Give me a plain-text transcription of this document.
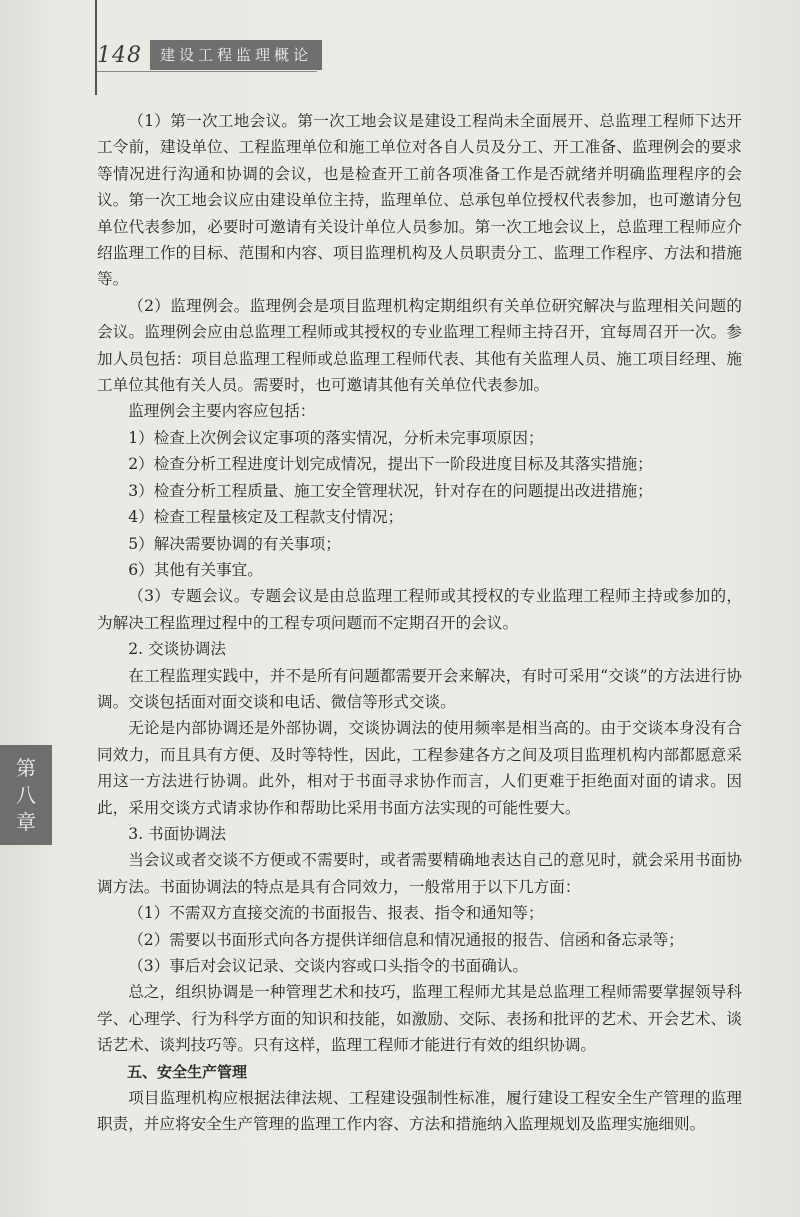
148	建设工程监理概论
第
八
章

（1）第一次工地会议。第一次工地会议是建设工程尚未全面展开、总监理工程师下达开工令前，建设单位、工程监理单位和施工单位对各自人员及分工、开工准备、监理例会的要求等情况进行沟通和协调的会议，也是检查开工前各项准备工作是否就绪并明确监理程序的会议。第一次工地会议应由建设单位主持，监理单位、总承包单位授权代表参加，也可邀请分包单位代表参加，必要时可邀请有关设计单位人员参加。第一次工地会议上，总监理工程师应介绍监理工作的目标、范围和内容、项目监理机构及人员职责分工、监理工作程序、方法和措施等。

（2）监理例会。监理例会是项目监理机构定期组织有关单位研究解决与监理相关问题的会议。监理例会应由总监理工程师或其授权的专业监理工程师主持召开，宜每周召开一次。参加人员包括：项目总监理工程师或总监理工程师代表、其他有关监理人员、施工项目经理、施工单位其他有关人员。需要时，也可邀请其他有关单位代表参加。

监理例会主要内容应包括：

1）检查上次例会议定事项的落实情况，分析未完事项原因；

2）检查分析工程进度计划完成情况，提出下一阶段进度目标及其落实措施；

3）检查分析工程质量、施工安全管理状况，针对存在的问题提出改进措施；

4）检查工程量核定及工程款支付情况；

5）解决需要协调的有关事项；

6）其他有关事宜。

（3）专题会议。专题会议是由总监理工程师或其授权的专业监理工程师主持或参加的，为解决工程监理过程中的工程专项问题而不定期召开的会议。

2. 交谈协调法

在工程监理实践中，并不是所有问题都需要开会来解决，有时可采用“交谈”的方法进行协调。交谈包括面对面交谈和电话、微信等形式交谈。

无论是内部协调还是外部协调，交谈协调法的使用频率是相当高的。由于交谈本身没有合同效力，而且具有方便、及时等特性，因此，工程参建各方之间及项目监理机构内部都愿意采用这一方法进行协调。此外，相对于书面寻求协作而言，人们更难于拒绝面对面的请求。因此，采用交谈方式请求协作和帮助比采用书面方法实现的可能性要大。

3. 书面协调法

当会议或者交谈不方便或不需要时，或者需要精确地表达自己的意见时，就会采用书面协调方法。书面协调法的特点是具有合同效力，一般常用于以下几方面：

（1）不需双方直接交流的书面报告、报表、指令和通知等；

（2）需要以书面形式向各方提供详细信息和情况通报的报告、信函和备忘录等；

（3）事后对会议记录、交谈内容或口头指令的书面确认。

总之，组织协调是一种管理艺术和技巧，监理工程师尤其是总监理工程师需要掌握领导科学、心理学、行为科学方面的知识和技能，如激励、交际、表扬和批评的艺术、开会艺术、谈话艺术、谈判技巧等。只有这样，监理工程师才能进行有效的组织协调。

五、安全生产管理

项目监理机构应根据法律法规、工程建设强制性标准，履行建设工程安全生产管理的监理职责，并应将安全生产管理的监理工作内容、方法和措施纳入监理规划及监理实施细则。
